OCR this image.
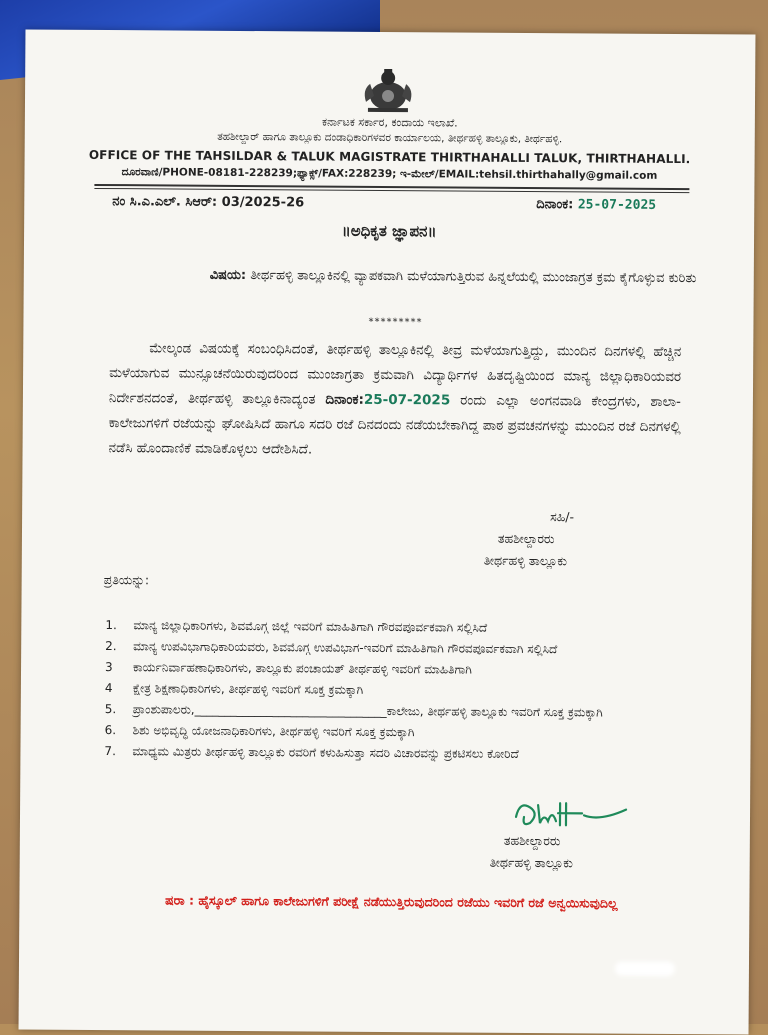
ಕರ್ನಾಟಕ ಸರ್ಕಾರ, ಕಂದಾಯ ಇಲಾಖೆ.
ತಹಶೀಲ್ದಾರ್ ಹಾಗೂ ತಾಲ್ಲೂಕು ದಂಡಾಧಿಕಾರಿಗಳವರ ಕಾರ್ಯಾಲಯ, ತೀರ್ಥಹಳ್ಳಿ ತಾಲ್ಲೂಕು, ತೀರ್ಥಹಳ್ಳಿ.
OFFICE OF THE TAHSILDAR & TALUK MAGISTRATE THIRTHAHALLI TALUK, THIRTHAHALLI.
ದೂರವಾಣಿ/PHONE-08181-228239;ಫ್ಯಾಕ್ಸ್/FAX:228239; ಇ-ಮೇಲ್/EMAIL:tehsil.thirthahally@gmail.com
ನಂ ಸಿ.ಎ.ಎಲ್. ಸಿಆರ್: 03/2025-26	ದಿನಾಂಕ: 25-07-2025
॥ಅಧಿಕೃತ ಜ್ಞಾಪನ॥
ವಿಷಯ: ತೀರ್ಥಹಳ್ಳಿ ತಾಲ್ಲೂಕಿನಲ್ಲಿ ವ್ಯಾಪಕವಾಗಿ ಮಳೆಯಾಗುತ್ತಿರುವ ಹಿನ್ನಲೆಯಲ್ಲಿ ಮುಂಜಾಗ್ರತ ಕ್ರಮ ಕೈಗೊಳ್ಳುವ ಕುರಿತು
*********
ಮೇಲ್ಕಂಡ ವಿಷಯಕ್ಕೆ ಸಂಬಂಧಿಸಿದಂತೆ, ತೀರ್ಥಹಳ್ಳಿ ತಾಲ್ಲೂಕಿನಲ್ಲಿ ತೀವ್ರ ಮಳೆಯಾಗುತ್ತಿದ್ದು, ಮುಂದಿನ ದಿನಗಳಲ್ಲಿ ಹೆಚ್ಚಿನ ಮಳೆಯಾಗುವ ಮುನ್ಸೂಚನೆಯಿರುವುದರಿಂದ ಮುಂಜಾಗ್ರತಾ ಕ್ರಮವಾಗಿ ವಿದ್ಯಾರ್ಥಿಗಳ ಹಿತದೃಷ್ಟಿಯಿಂದ ಮಾನ್ಯ ಜಿಲ್ಲಾಧಿಕಾರಿಯವರ ನಿರ್ದೇಶನದಂತೆ, ತೀರ್ಥಹಳ್ಳಿ ತಾಲ್ಲೂಕಿನಾದ್ಯಂತ ದಿನಾಂಕ:25-07-2025 ರಂದು ಎಲ್ಲಾ ಅಂಗನವಾಡಿ ಕೇಂದ್ರಗಳು, ಶಾಲಾ-ಕಾಲೇಜುಗಳಿಗೆ ರಜೆಯನ್ನು ಘೋಷಿಸಿದೆ ಹಾಗೂ ಸದರಿ ರಜೆ ದಿನದಂದು ನಡೆಯಬೇಕಾಗಿದ್ದ ಪಾಠ ಪ್ರವಚನಗಳನ್ನು ಮುಂದಿನ ರಜೆ ದಿನಗಳಲ್ಲಿ ನಡೆಸಿ ಹೊಂದಾಣಿಕೆ ಮಾಡಿಕೊಳ್ಳಲು ಆದೇಶಿಸಿದೆ.
ಸಹಿ/-
ತಹಶೀಲ್ದಾರರು
ತೀರ್ಥಹಳ್ಳಿ ತಾಲ್ಲೂಕು
ಪ್ರತಿಯನ್ನು:
1.	ಮಾನ್ಯ ಜಿಲ್ಲಾಧಿಕಾರಿಗಳು, ಶಿವಮೊಗ್ಗ ಜಿಲ್ಲೆ ಇವರಿಗೆ ಮಾಹಿತಿಗಾಗಿ ಗೌರವಪೂರ್ವಕವಾಗಿ ಸಲ್ಲಿಸಿದೆ
2.	ಮಾನ್ಯ ಉಪವಿಭಾಗಾಧಿಕಾರಿಯವರು, ಶಿವಮೊಗ್ಗ ಉಪವಿಭಾಗ-ಇವರಿಗೆ ಮಾಹಿತಿಗಾಗಿ ಗೌರವಪೂರ್ವಕವಾಗಿ ಸಲ್ಲಿಸಿದೆ
3	ಕಾರ್ಯನಿರ್ವಾಹಣಾಧಿಕಾರಿಗಳು, ತಾಲ್ಲೂಕು ಪಂಚಾಯತ್ ತೀರ್ಥಹಳ್ಳಿ ಇವರಿಗೆ ಮಾಹಿತಿಗಾಗಿ
4	ಕ್ಷೇತ್ರ ಶಿಕ್ಷಣಾಧಿಕಾರಿಗಳು, ತೀರ್ಥಹಳ್ಳಿ ಇವರಿಗೆ ಸೂಕ್ತ ಕ್ರಮಕ್ಕಾಗಿ
5.	ಪ್ರಾಂಶುಪಾಲರು,________________________________ಕಾಲೇಜು, ತೀರ್ಥಹಳ್ಳಿ ತಾಲ್ಲೂಕು ಇವರಿಗೆ ಸೂಕ್ತ ಕ್ರಮಕ್ಕಾಗಿ
6.	ಶಿಶು ಅಭಿವೃದ್ಧಿ ಯೋಜನಾಧಿಕಾರಿಗಳು, ತೀರ್ಥಹಳ್ಳಿ ಇವರಿಗೆ ಸೂಕ್ತ ಕ್ರಮಕ್ಕಾಗಿ
7.	ಮಾಧ್ಯಮ ಮಿತ್ರರು ತೀರ್ಥಹಳ್ಳಿ ತಾಲ್ಲೂಕು ರವರಿಗೆ ಕಳುಹಿಸುತ್ತಾ ಸದರಿ ವಿಚಾರವನ್ನು ಪ್ರಕಟಿಸಲು ಕೋರಿದೆ
ತಹಶೀಲ್ದಾರರು
ತೀರ್ಥಹಳ್ಳಿ ತಾಲ್ಲೂಕು
ಷರಾ : ಹೈಸ್ಕೂಲ್ ಹಾಗೂ ಕಾಲೇಜುಗಳಿಗೆ ಪರೀಕ್ಷೆ ನಡೆಯುತ್ತಿರುವುದರಿಂದ ರಜೆಯು ಇವರಿಗೆ ರಜೆ ಅನ್ವಯಿಸುವುದಿಲ್ಲ
